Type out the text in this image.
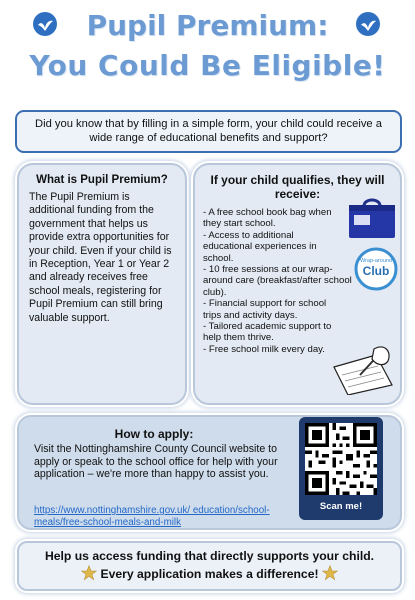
Pupil Premium:
You Could Be Eligible!
Did you know that by filling in a simple form, your child could receive a wide range of educational benefits and support?
What is Pupil Premium?

The Pupil Premium is additional funding from the government that helps us provide extra opportunities for your child. Even if your child is in Reception, Year 1 or Year 2 and already receives free school meals, registering for Pupil Premium can still bring valuable support.

If your child qualifies, they will receive:
- A free school book bag when they start school.
- Access to additional educational experiences in school.
- 10 free sessions at our wrap-around care (breakfast/after school club).
- Financial support for school trips and activity days.
- Tailored academic support to help them thrive.
- Free school milk every day.
Wrap-around
Club
How to apply:

Visit the Nottinghamshire County Council website to apply or speak to the school office for help with your application – we're more than happy to assist you.

https://www.nottinghamshire.gov.uk/ education/school-meals/free-school-meals-and-milk
Scan me!
Help us access funding that directly supports your child.
Every application makes a difference!
